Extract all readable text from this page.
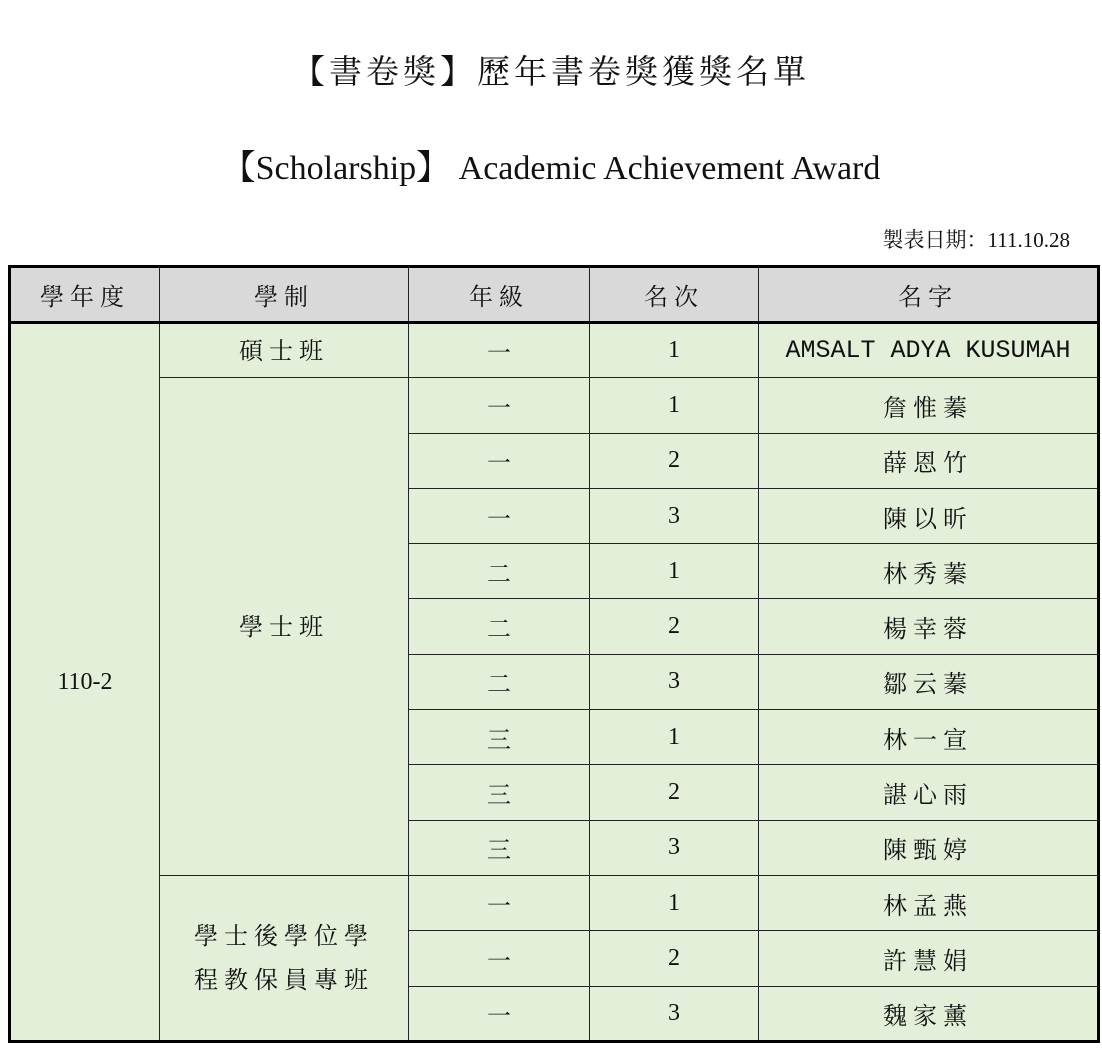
【書卷獎】歷年書卷獎獲獎名單
【Scholarship】 Academic Achievement Award
製表日期：111.10.28
學年度	學制	年級	名次	名字
110-2	碩士班	一	1	AMSALT ADYA KUSUMAH
	學士班	一	1	詹惟蓁
		一	2	薛恩竹
		一	3	陳以昕
		二	1	林秀蓁
		二	2	楊幸蓉
		二	3	鄒云蓁
		三	1	林一宣
		三	2	諶心雨
		三	3	陳甄婷
	學士後學位學程教保員專班	一	1	林孟燕
		一	2	許慧娟
		一	3	魏家薰
